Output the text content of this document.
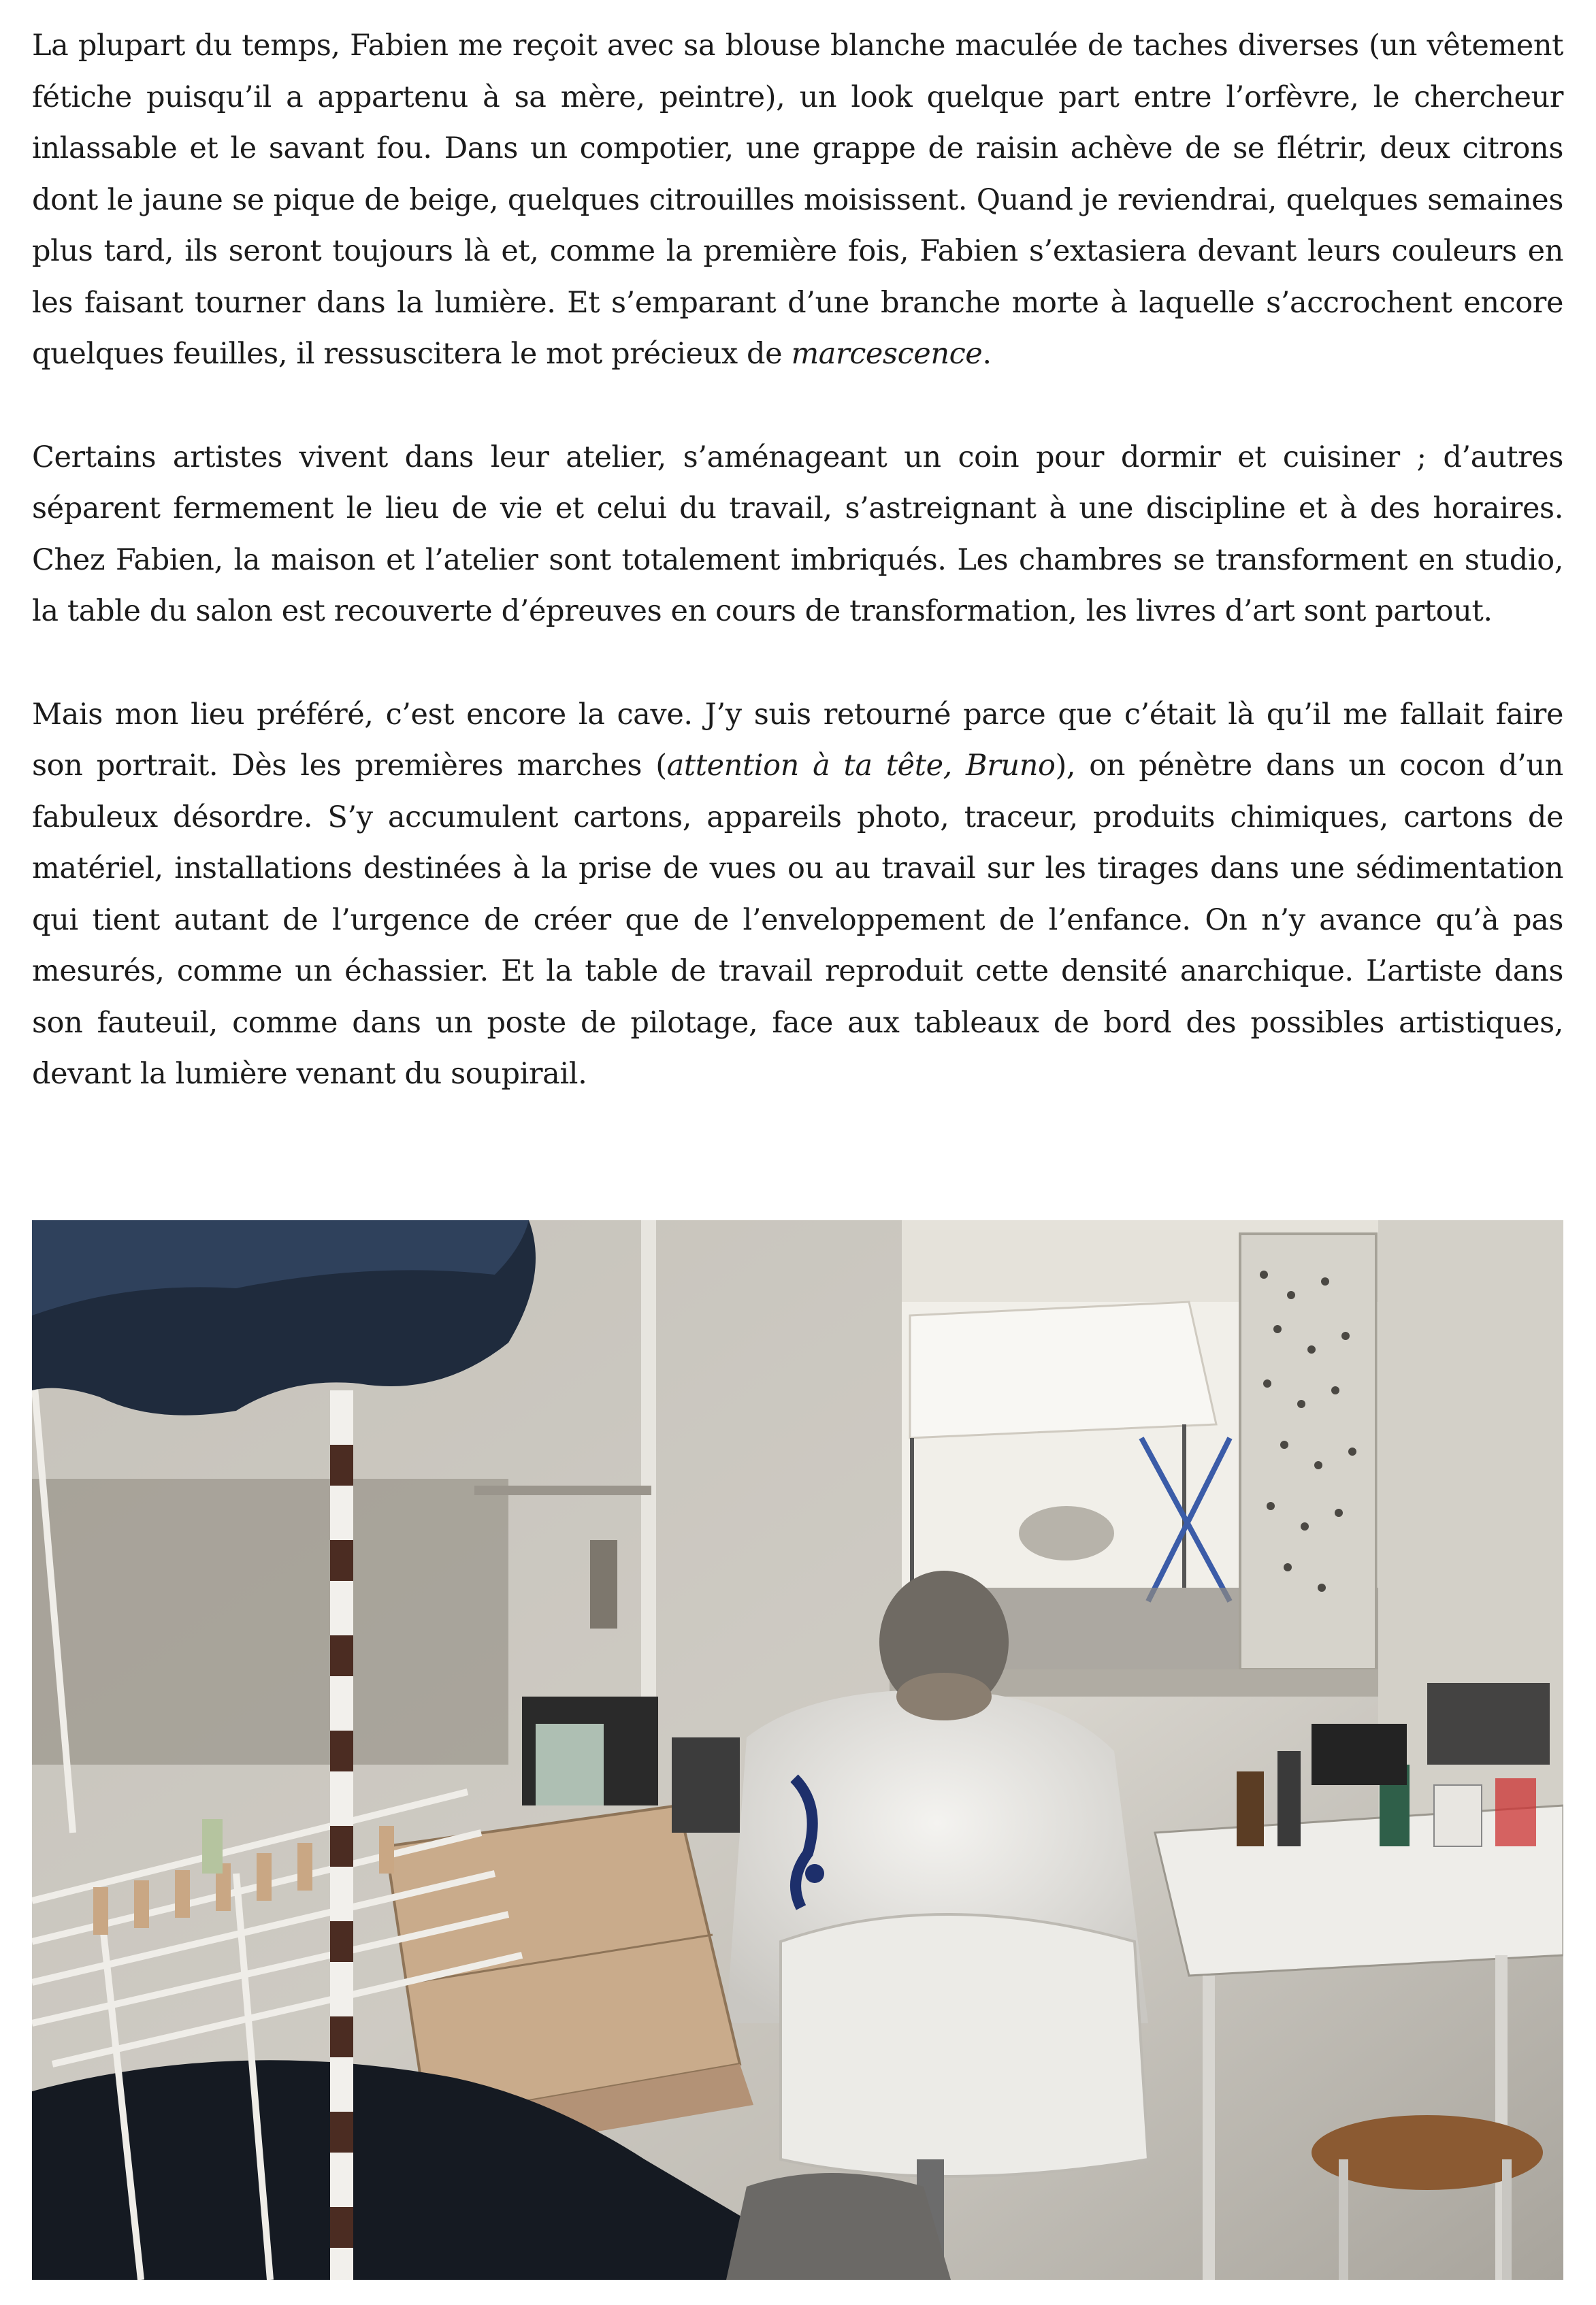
La plupart du temps, Fabien me reçoit avec sa blouse blanche maculée de taches diverses (un vêtement fétiche puisqu’il a appartenu à sa mère, peintre), un look quelque part entre l’orfèvre, le chercheur inlassable et le savant fou. Dans un compotier, une grappe de raisin achève de se flétrir, deux citrons dont le jaune se pique de beige, quelques citrouilles moisissent. Quand je reviendrai, quelques semaines plus tard, ils seront toujours là et, comme la première fois, Fabien s’extasiera devant leurs couleurs en les faisant tourner dans la lumière. Et s’emparant d’une branche morte à laquelle s’accrochent encore quelques feuilles, il ressuscitera le mot précieux de marcescence.

Certains artistes vivent dans leur atelier, s’aménageant un coin pour dormir et cuisiner ; d’autres séparent fermement le lieu de vie et celui du travail, s’astreignant à une discipline et à des horaires. Chez Fabien, la maison et l’atelier sont totalement imbriqués. Les chambres se transforment en studio, la table du salon est recouverte d’épreuves en cours de transformation, les livres d’art sont partout.

Mais mon lieu préféré, c’est encore la cave. J’y suis retourné parce que c’était là qu’il me fallait faire son portrait. Dès les premières marches (attention à ta tête, Bruno), on pénètre dans un cocon d’un fabuleux désordre. S’y accumulent cartons, appareils photo, traceur, produits chimiques, cartons de matériel, installations destinées à la prise de vues ou au travail sur les tirages dans une sédimentation qui tient autant de l’urgence de créer que de l’enveloppement de l’enfance. On n’y avance qu’à pas mesurés, comme un échassier. Et la table de travail reproduit cette densité anarchique. L’artiste dans son fauteuil, comme dans un poste de pilotage, face aux tableaux de bord des possibles artistiques, devant la lumière venant du soupirail.
